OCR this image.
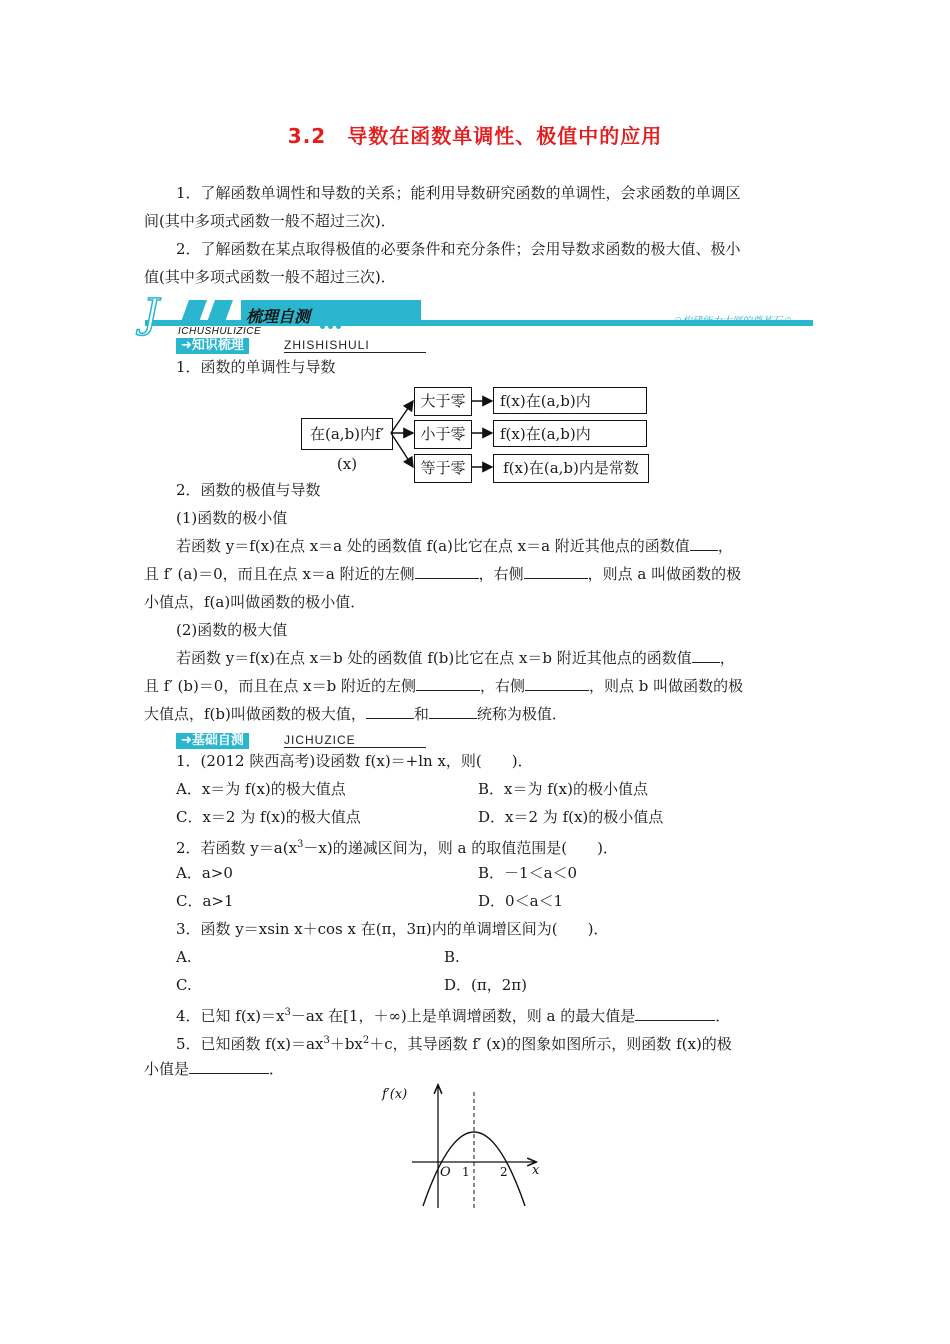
3.2　导数在函数单调性、极值中的应用
1．了解函数单调性和导数的关系；能利用导数研究函数的单调性，会求函数的单调区
间(其中多项式函数一般不超过三次)．
2．了解函数在某点取得极值的必要条件和充分条件；会用导数求函数的极大值、极小
值(其中多项式函数一般不超过三次)．
J	梳理自测
ICHUSHULIZICE
☉构建能力大厦的奠基石☉
➜知识梳理	ZHISHISHULI
1．函数的单调性与导数
在(a,b)内f′(x)
大于零
小于零
等于零
f(x)在(a,b)内
f(x)在(a,b)内
f(x)在(a,b)内是常数
2．函数的极值与导数
(1)函数的极小值
若函数 y＝f(x)在点 x＝a 处的函数值 f(a)比它在点 x＝a 附近其他点的函数值 ，
且 f′ (a)＝0，而且在点 x＝a 附近的左侧	，右侧	，则点 a 叫做函数的极
小值点，f(a)叫做函数的极小值．
(2)函数的极大值
若函数 y＝f(x)在点 x＝b 处的函数值 f(b)比它在点 x＝b 附近其他点的函数值 ，
且 f′ (b)＝0，而且在点 x＝b 附近的左侧	，右侧	，则点 b 叫做函数的极
大值点，f(b)叫做函数的极大值，	和	统称为极值．
➜基础自测	JICHUZICE
1．(2012 陕西高考)设函数 f(x)＝+ln x，则(　　)．
A．x＝为 f(x)的极大值点	B．x＝为 f(x)的极小值点
C．x＝2 为 f(x)的极大值点	D．x＝2 为 f(x)的极小值点
2．若函数 $y=a(x^3-x)$的递减区间为，则 a 的取值范围是(　　)．
A．a>0	B．－1＜a＜0
C．a>1	D．0＜a＜1
3．函数 y＝xsin x＋cos x 在(π，3π)内的单调增区间为(　　)．
A.	B.
C.	D．(π，2π)
4．已知 $f(x)=x^3-ax$ 在[1，＋∞)上是单调增函数，则 a 的最大值是	．
5．已知函数 $f(x)=ax^3+bx^2+c$，其导函数 f′ (x)的图象如图所示，则函数 f(x)的极
小值是	．
f′(x)
x
O 1	2
